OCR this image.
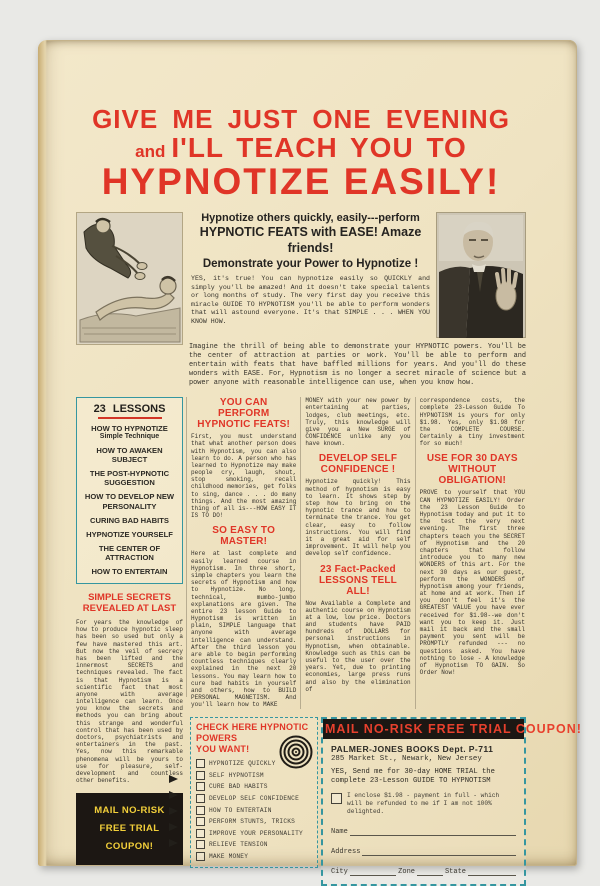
GIVE ME JUST ONE EVENING
and I'LL TEACH YOU TO
HYPNOTIZE EASILY!
Hypnotize others quickly, easily---perform
HYPNOTIC FEATS with EASE! Amaze friends!
Demonstrate your Power to Hypnotize !
YES, it's true! You can hypnotize easily so QUICKLY and simply you'll be amazed! And it doesn't take special talents or long months of study. The very first day you receive this miracle GUIDE TO HYPNOTISM you'll be able to perform wonders that will astound everyone. It's that SIMPLE . . . WHEN YOU KNOW HOW.
Imagine the thrill of being able to demonstrate your HYPNOTIC powers. You'll be the center of attraction at parties or work. You'll be able to perform and entertain with feats that have baffled millions for years. And you'll do these wonders with EASE. For, Hypnotism is no longer a secret miracle of science but a power anyone with reasonable intelligence can use, when you know how.
23 LESSONS
HOW TO HYPNOTIZE
Simple Technique
HOW TO AWAKEN SUBJECT
THE POST-HYPNOTIC SUGGESTION
HOW TO DEVELOP NEW PERSONALITY
CURING BAD HABITS
HYPNOTIZE YOURSELF
THE CENTER OF ATTRACTION
HOW TO ENTERTAIN
SIMPLE SECRETS REVEALED AT LAST
For years the knowledge of how to produce hypnotic sleep has been so used but only a few have mastered this art. But now the veil of secrecy has been lifted and the innermost SECRETS and techniques revealed. The fact is that Hypnotism is a scientific fact that most anyone with average intelligence can learn. Once you know the secrets and methods you can bring about this strange and wonderful control that has been used by doctors, psychiatrists and entertainers in the past. Yes, now this remarkable phenomena will be yours to use for pleasure, self-development and countless other benefits.
MAIL NO-RISK FREE TRIAL COUPON!
YOU CAN PERFORM HYPNOTIC FEATS!
First, you must understand that what another person does with Hypnotism, you can also learn to do. A person who has learned to Hypnotize may make people cry, laugh, shout, stop smoking, recall childhood memories, get folks to sing, dance . . . do many things. And the most amazing thing of all is---HOW EASY IT IS TO DO!
SO EASY TO MASTER!
Here at last complete and easily learned course in Hypnotism. In three short, simple chapters you learn the secrets of Hypnotism and how to Hypnotize. No long, technical, mumbo-jumbo explanations are given. The entire 23 lesson Guide to Hypnotism is written in plain, SIMPLE language that anyone with average intelligence can understand. After the third lesson you are able to begin performing countless techniques clearly explained in the next 20 lessons. You may learn how to cure bad habits in yourself and others, how to BUILD PERSONAL MAGNETISM. And you'll learn how to MAKE
MONEY with your new power by entertaining at parties, lodges, club meetings, etc. Truly, this knowledge will give you a New SURGE of CONFIDENCE unlike any you have known.
DEVELOP SELF CONFIDENCE !
Hypnotize quickly! This method of hypnotism is easy to learn. It shows step by step how to bring on the hypnotic trance and how to terminate the trance. You get clear, easy to follow instructions. You will find it a great aid for self improvement. It will help you develop self confidence.
23 Fact-Packed LESSONS TELL ALL!
Now Available a Complete and authentic course on Hypnotism at a low, low price. Doctors and students have PAID hundreds of DOLLARS for personal instructions in Hypnotism, when obtainable. Knowledge such as this can be useful to the user over the years. Yet, due to printing economies, large press runs and also by the elimination of
correspondence costs, the complete 23-Lesson Guide To HYPNOTISM is yours for only $1.98. Yes, only $1.98 for the COMPLETE COURSE. Certainly a tiny investment for so much!
USE FOR 30 DAYS WITHOUT OBLIGATION!
PROVE to yourself that YOU CAN HYPNOTIZE EASILY! Order the 23 Lesson Guide to Hypnotism today and put it to the test the very next evening. The first three chapters teach you the SECRET of Hypnotism and the 20 chapters that follow introduce you to many new WONDERS of this art. For the next 30 days as our guest, perform the WONDERS of Hypnotism among your friends, at home and at work. Then if you don't feel it's the GREATEST VALUE you have ever received for $1.98--we don't want you to keep it. Just mail it back and the small payment you sent will be PROMPTLY refunded --- no questions asked. You have nothing to lose - A knowledge of Hypnotism TO GAIN. So Order Now!
CHECK HERE HYPNOTIC
POWERS
YOU WANT!
HYPNOTIZE QUICKLY
SELF HYPNOTISM
CURE BAD HABITS
DEVELOP SELF CONFIDENCE
HOW TO ENTERTAIN
PERFORM STUNTS, TRICKS
IMPROVE YOUR PERSONALITY
RELIEVE TENSION
MAKE MONEY
MAIL NO-RISK FREE TRIAL COUPON!
PALMER-JONES BOOKS Dept. P-711
285 Market St., Newark, New Jersey
YES, Send me for 30-day HOME TRIAL the complete 23-Lesson GUIDE TO HYPNOTISM
I enclose $1.98 - payment in full - which will be refunded to me if I am not 100% delighted.
Name
Address
City	Zone	State
